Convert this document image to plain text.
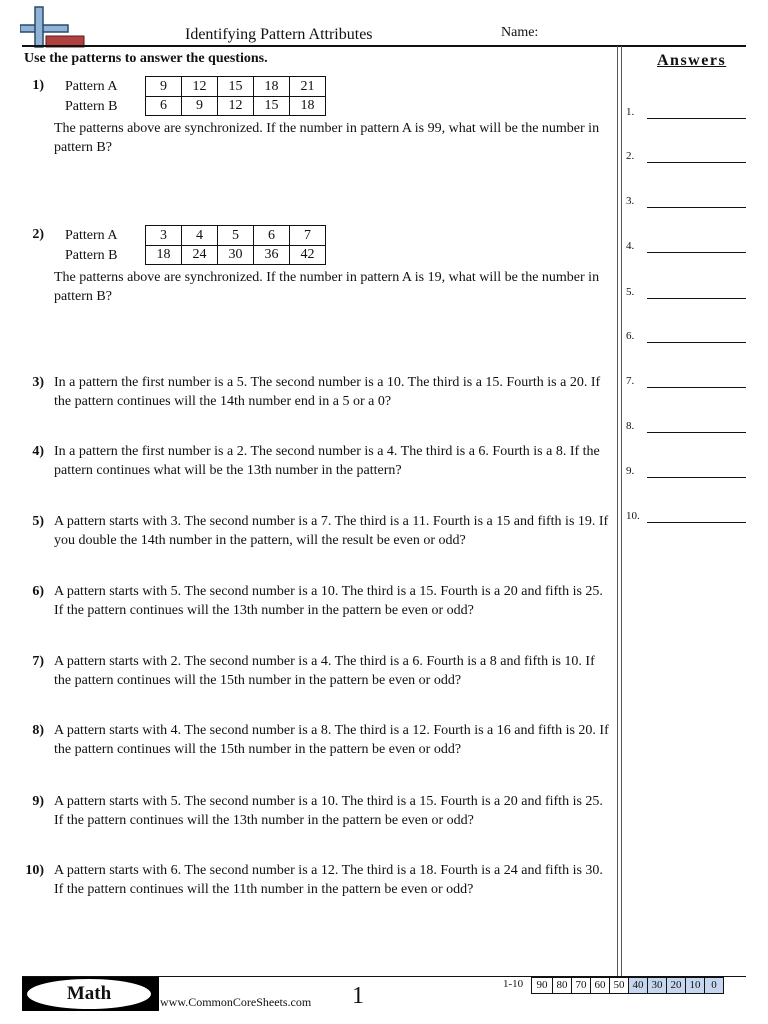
Identifying Pattern Attributes	Name:
Use the patterns to answer the questions.
1) Pattern A	9	12	15	18	21
Pattern B	6	9	12	15	18
The patterns above are synchronized. If the number in pattern A is 99, what will be the number in pattern B?
2) Pattern A	3	4	5	6	7
Pattern B	18	24	30	36	42
The patterns above are synchronized. If the number in pattern A is 19, what will be the number in pattern B?
3) In a pattern the first number is a 5. The second number is a 10. The third is a 15. Fourth is a 20. If the pattern continues will the 14th number end in a 5 or a 0?
4) In a pattern the first number is a 2. The second number is a 4. The third is a 6. Fourth is a 8. If the pattern continues what will be the 13th number in the pattern?
5) A pattern starts with 3. The second number is a 7. The third is a 11. Fourth is a 15 and fifth is 19. If you double the 14th number in the pattern, will the result be even or odd?
6) A pattern starts with 5. The second number is a 10. The third is a 15. Fourth is a 20 and fifth is 25. If the pattern continues will the 13th number in the pattern be even or odd?
7) A pattern starts with 2. The second number is a 4. The third is a 6. Fourth is a 8 and fifth is 10. If the pattern continues will the 15th number in the pattern be even or odd?
8) A pattern starts with 4. The second number is a 8. The third is a 12. Fourth is a 16 and fifth is 20. If the pattern continues will the 15th number in the pattern be even or odd?
9) A pattern starts with 5. The second number is a 10. The third is a 15. Fourth is a 20 and fifth is 25. If the pattern continues will the 13th number in the pattern be even or odd?
10) A pattern starts with 6. The second number is a 12. The third is a 18. Fourth is a 24 and fifth is 30. If the pattern continues will the 11th number in the pattern be even or odd?
Answers
1.
2.
3.
4.
5.
6.
7.
8.
9.
10.
Math	www.CommonCoreSheets.com 1	1-10	90 80 70 60 50 40 30 20 10 0
